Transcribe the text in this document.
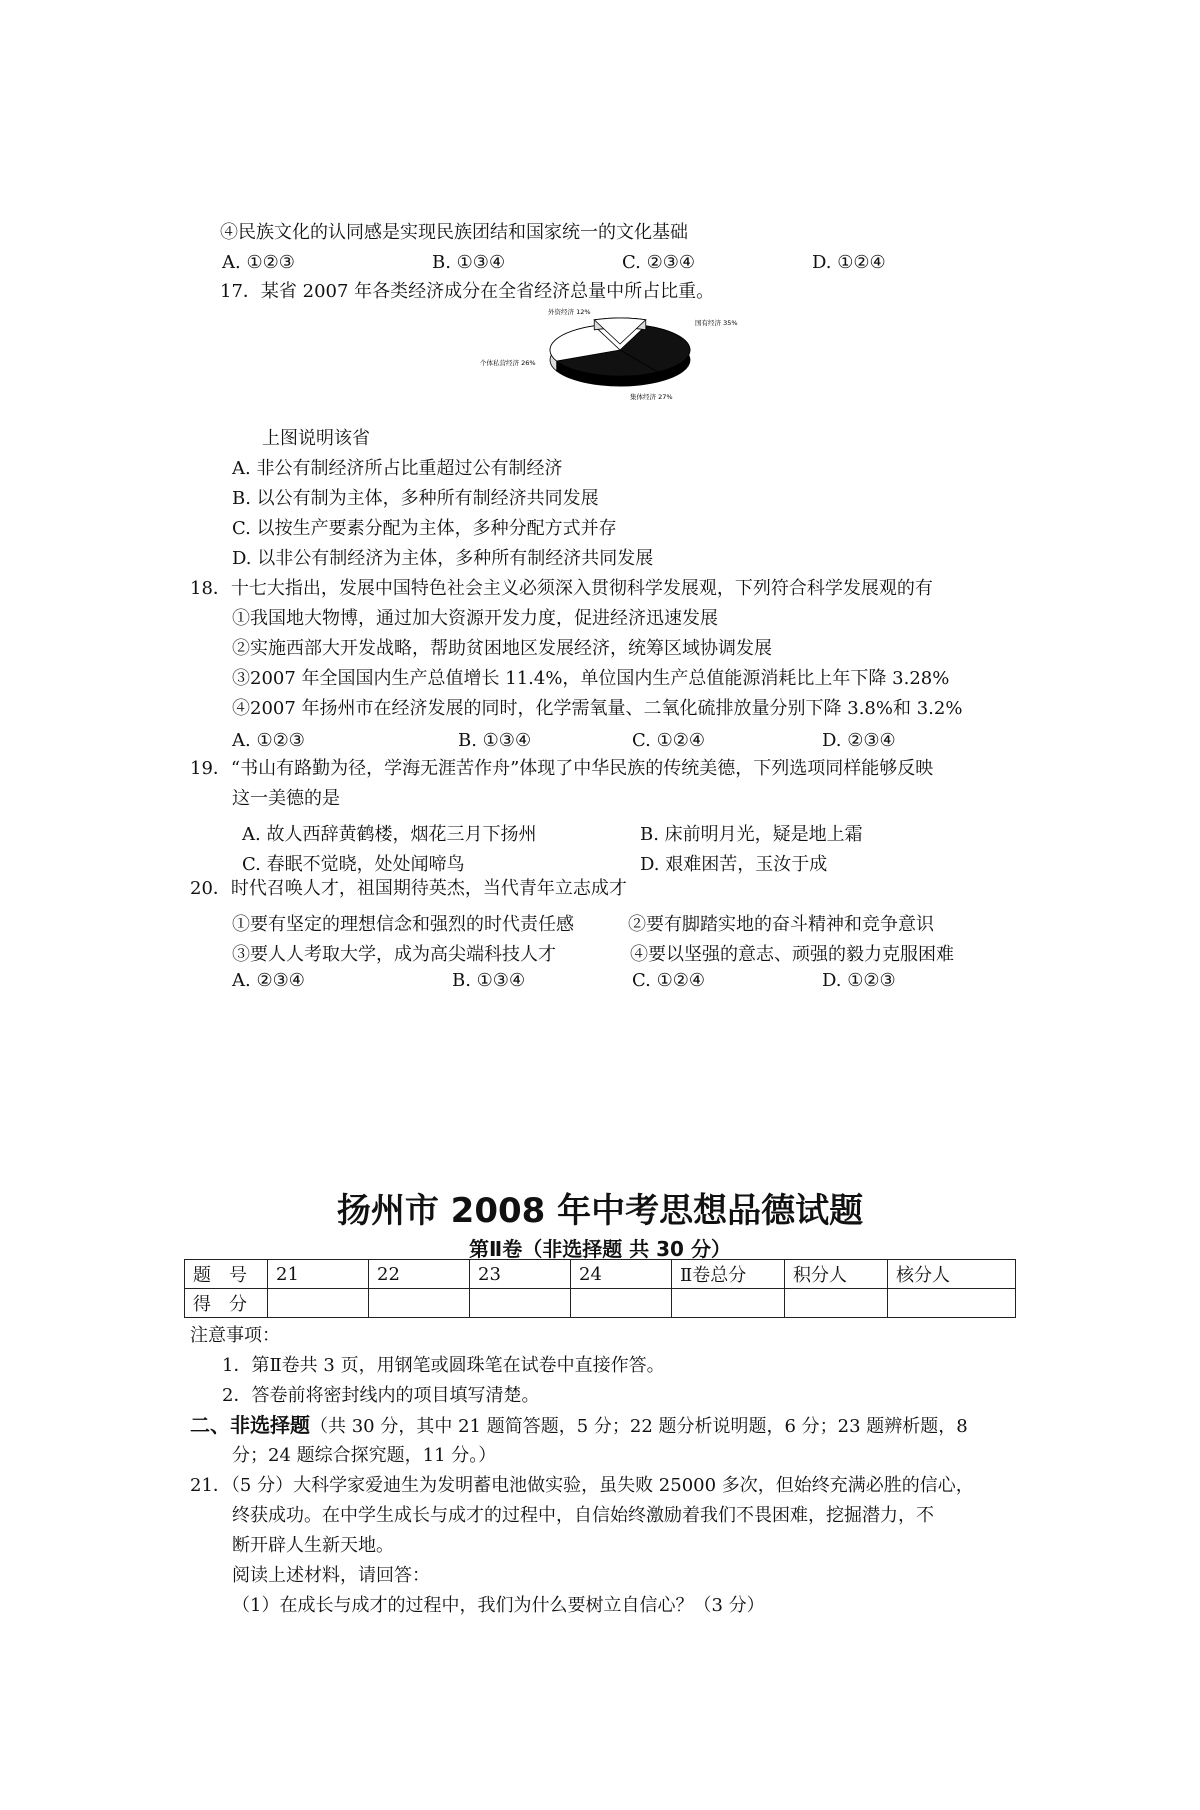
④民族文化的认同感是实现民族团结和国家统一的文化基础
A. ①②③	B. ①③④	C. ②③④	D. ①②④
17．某省 2007 年各类经济成分在全省经济总量中所占比重。
外资经济 12%
国有经济 35%
个体私营经济 26%
集体经济 27%
上图说明该省
A. 非公有制经济所占比重超过公有制经济
B. 以公有制为主体，多种所有制经济共同发展
C. 以按生产要素分配为主体，多种分配方式并存
D. 以非公有制经济为主体，多种所有制经济共同发展
18．十七大指出，发展中国特色社会主义必须深入贯彻科学发展观，下列符合科学发展观的有
①我国地大物博，通过加大资源开发力度，促进经济迅速发展
②实施西部大开发战略，帮助贫困地区发展经济，统筹区域协调发展
③2007 年全国国内生产总值增长 11.4%，单位国内生产总值能源消耗比上年下降 3.28%
④2007 年扬州市在经济发展的同时，化学需氧量、二氧化硫排放量分别下降 3.8%和 3.2%
A. ①②③	B. ①③④	C. ①②④	D. ②③④
19．“书山有路勤为径，学海无涯苦作舟”体现了中华民族的传统美德，下列选项同样能够反映
这一美德的是
A. 故人西辞黄鹤楼，烟花三月下扬州	B. 床前明月光，疑是地上霜
C. 春眠不觉晓，处处闻啼鸟	D. 艰难困苦，玉汝于成
20．时代召唤人才，祖国期待英杰，当代青年立志成才
①要有坚定的理想信念和强烈的时代责任感	②要有脚踏实地的奋斗精神和竞争意识
③要人人考取大学，成为高尖端科技人才	④要以坚强的意志、顽强的毅力克服困难
A. ②③④	B. ①③④	C. ①②④	D. ①②③
扬州市 2008 年中考思想品德试题
第Ⅱ卷（非选择题 共 30 分）
题　号	21	22	23	24	Ⅱ卷总分	积分人	核分人
得　分							
注意事项：
1．第Ⅱ卷共 3 页，用钢笔或圆珠笔在试卷中直接作答。
2．答卷前将密封线内的项目填写清楚。
二、非选择题（共 30 分，其中 21 题简答题，5 分；22 题分析说明题，6 分；23 题辨析题，8
分；24 题综合探究题，11 分。）
21．（5 分）大科学家爱迪生为发明蓄电池做实验，虽失败 25000 多次，但始终充满必胜的信心，
终获成功。在中学生成长与成才的过程中，自信始终激励着我们不畏困难，挖掘潜力，不
断开辟人生新天地。
阅读上述材料，请回答：
（1）在成长与成才的过程中，我们为什么要树立自信心？（3 分）
